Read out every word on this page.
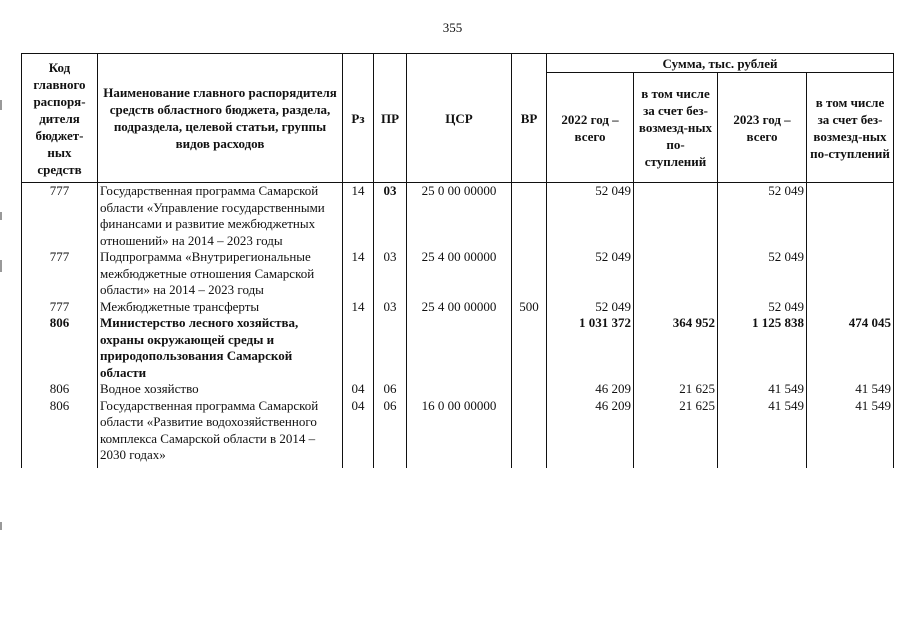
355
Код главного распоря-дителя бюджет-ных средств	Наименование главного распорядителя средств областного бюджета, раздела, подраздела, целевой статьи, группы видов расходов	Рз	ПР	ЦСР	ВР	Сумма, тыс. рублей			
						2022 год – всего	в том числе за счет без-возмезд-ных по-ступлений	2023 год – всего	в том числе за счет без-возмезд-ных по-ступлений
777	Государственная программа Самарской области «Управление государственными финансами и развитие межбюджетных отношений» на 2014 – 2023 годы	14	03	25 0 00 00000		52 049		52 049	
777	Подпрограмма «Внутрирегиональные межбюджетные отношения Самарской области» на 2014 – 2023 годы	14	03	25 4 00 00000		52 049		52 049	
777	Межбюджетные трансферты	14	03	25 4 00 00000	500	52 049		52 049	
806	Министерство лесного хозяйства, охраны окружающей среды и природопользования Самарской области					1 031 372	364 952	1 125 838	474 045
806	Водное хозяйство	04	06			46 209	21 625	41 549	41 549
806	Государственная программа Самарской области «Развитие водохозяйственного комплекса Самарской области в 2014 – 2030 годах»	04	06	16 0 00 00000		46 209	21 625	41 549	41 549
